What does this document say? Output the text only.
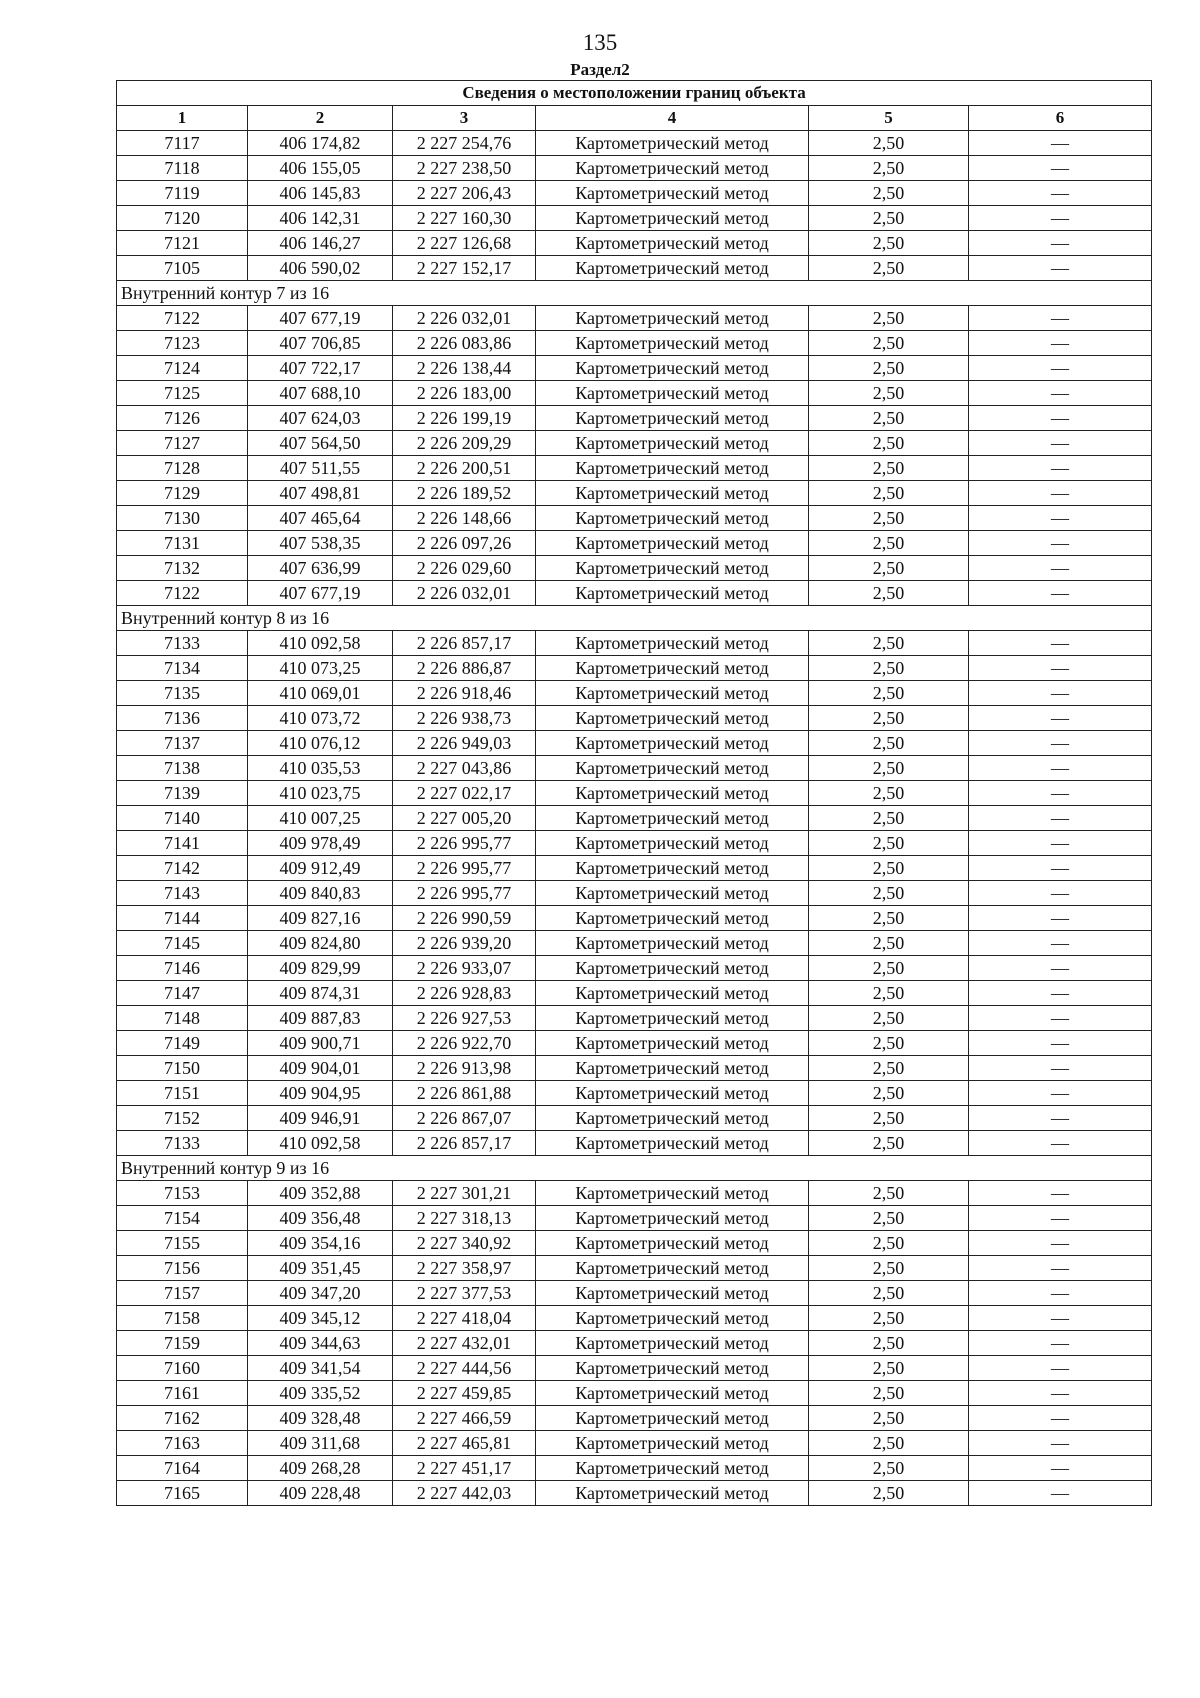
135
Раздел2
Сведения о местоположении границ объекта					
1	2	3	4	5	6
7117	406 174,82	2 227 254,76	Картометрический метод	2,50	—
7118	406 155,05	2 227 238,50	Картометрический метод	2,50	—
7119	406 145,83	2 227 206,43	Картометрический метод	2,50	—
7120	406 142,31	2 227 160,30	Картометрический метод	2,50	—
7121	406 146,27	2 227 126,68	Картометрический метод	2,50	—
7105	406 590,02	2 227 152,17	Картометрический метод	2,50	—
Внутренний контур 7 из 16					
7122	407 677,19	2 226 032,01	Картометрический метод	2,50	—
7123	407 706,85	2 226 083,86	Картометрический метод	2,50	—
7124	407 722,17	2 226 138,44	Картометрический метод	2,50	—
7125	407 688,10	2 226 183,00	Картометрический метод	2,50	—
7126	407 624,03	2 226 199,19	Картометрический метод	2,50	—
7127	407 564,50	2 226 209,29	Картометрический метод	2,50	—
7128	407 511,55	2 226 200,51	Картометрический метод	2,50	—
7129	407 498,81	2 226 189,52	Картометрический метод	2,50	—
7130	407 465,64	2 226 148,66	Картометрический метод	2,50	—
7131	407 538,35	2 226 097,26	Картометрический метод	2,50	—
7132	407 636,99	2 226 029,60	Картометрический метод	2,50	—
7122	407 677,19	2 226 032,01	Картометрический метод	2,50	—
Внутренний контур 8 из 16					
7133	410 092,58	2 226 857,17	Картометрический метод	2,50	—
7134	410 073,25	2 226 886,87	Картометрический метод	2,50	—
7135	410 069,01	2 226 918,46	Картометрический метод	2,50	—
7136	410 073,72	2 226 938,73	Картометрический метод	2,50	—
7137	410 076,12	2 226 949,03	Картометрический метод	2,50	—
7138	410 035,53	2 227 043,86	Картометрический метод	2,50	—
7139	410 023,75	2 227 022,17	Картометрический метод	2,50	—
7140	410 007,25	2 227 005,20	Картометрический метод	2,50	—
7141	409 978,49	2 226 995,77	Картометрический метод	2,50	—
7142	409 912,49	2 226 995,77	Картометрический метод	2,50	—
7143	409 840,83	2 226 995,77	Картометрический метод	2,50	—
7144	409 827,16	2 226 990,59	Картометрический метод	2,50	—
7145	409 824,80	2 226 939,20	Картометрический метод	2,50	—
7146	409 829,99	2 226 933,07	Картометрический метод	2,50	—
7147	409 874,31	2 226 928,83	Картометрический метод	2,50	—
7148	409 887,83	2 226 927,53	Картометрический метод	2,50	—
7149	409 900,71	2 226 922,70	Картометрический метод	2,50	—
7150	409 904,01	2 226 913,98	Картометрический метод	2,50	—
7151	409 904,95	2 226 861,88	Картометрический метод	2,50	—
7152	409 946,91	2 226 867,07	Картометрический метод	2,50	—
7133	410 092,58	2 226 857,17	Картометрический метод	2,50	—
Внутренний контур 9 из 16					
7153	409 352,88	2 227 301,21	Картометрический метод	2,50	—
7154	409 356,48	2 227 318,13	Картометрический метод	2,50	—
7155	409 354,16	2 227 340,92	Картометрический метод	2,50	—
7156	409 351,45	2 227 358,97	Картометрический метод	2,50	—
7157	409 347,20	2 227 377,53	Картометрический метод	2,50	—
7158	409 345,12	2 227 418,04	Картометрический метод	2,50	—
7159	409 344,63	2 227 432,01	Картометрический метод	2,50	—
7160	409 341,54	2 227 444,56	Картометрический метод	2,50	—
7161	409 335,52	2 227 459,85	Картометрический метод	2,50	—
7162	409 328,48	2 227 466,59	Картометрический метод	2,50	—
7163	409 311,68	2 227 465,81	Картометрический метод	2,50	—
7164	409 268,28	2 227 451,17	Картометрический метод	2,50	—
7165	409 228,48	2 227 442,03	Картометрический метод	2,50	—
